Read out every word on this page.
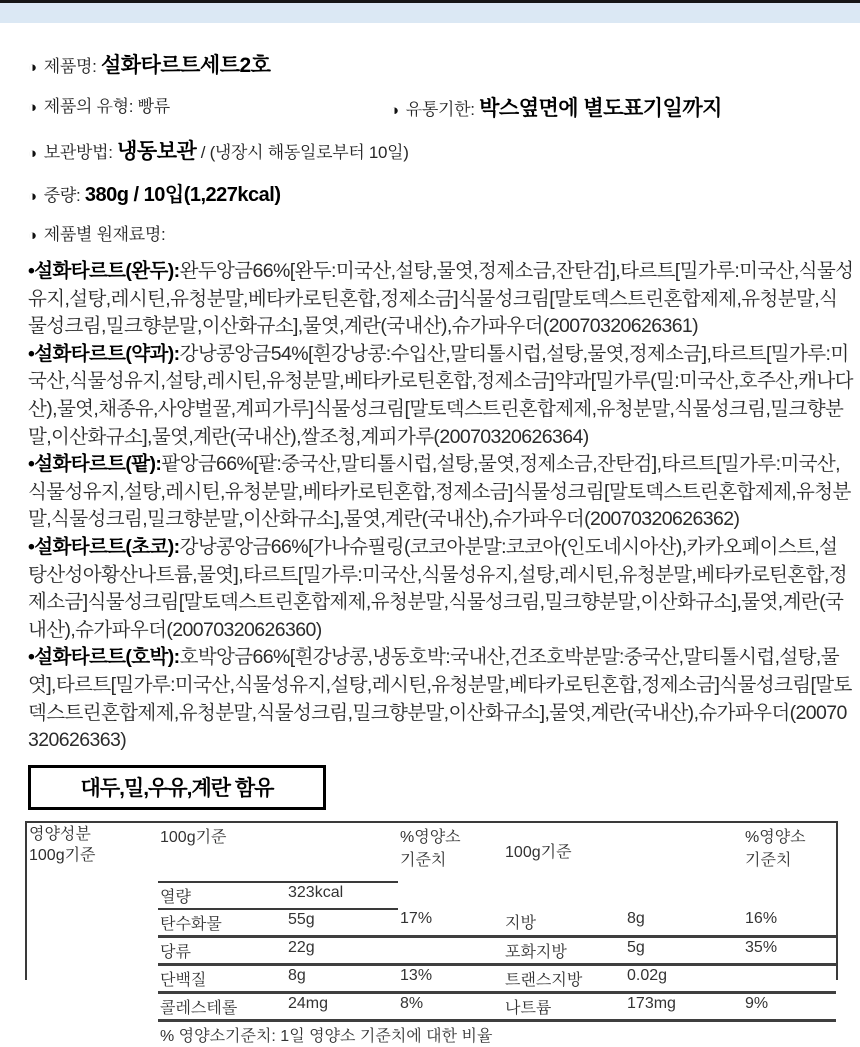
◑ 제품명: 설화타르트세트2호
◑ 제품의 유형: 빵류	◑ 유통기한: 박스옆면에 별도표기일까지
◑ 보관방법: 냉동보관 / (냉장시 해동일로부터 10일)
◑ 중량: 380g / 10입(1,227kcal)
◑ 제품별 원재료명:

•설화타르트(완두):완두앙금66%[완두:미국산,설탕,물엿,정제소금,잔탄검],타르트[밀가루:미국산,식물성유지,설탕,레시틴,유청분말,베타카로틴혼합,정제소금]식물성크림[말토덱스트린혼합제제,유청분말,식물성크림,밀크향분말,이산화규소],물엿,계란(국내산),슈가파우더(20070320626361)

•설화타르트(약과):강낭콩앙금54%[흰강낭콩:수입산,말티톨시럽,설탕,물엿,정제소금],타르트[밀가루:미국산,식물성유지,설탕,레시틴,유청분말,베타카로틴혼합,정제소금]약과[밀가루(밀:미국산,호주산,캐나다산),물엿,채종유,사양벌꿀,계피가루]식물성크림[말토덱스트린혼합제제,유청분말,식물성크림,밀크향분말,이산화규소],물엿,계란(국내산),쌀조청,계피가루(20070320626364)

•설화타르트(팥):팥앙금66%[팥:중국산,말티톨시럽,설탕,물엿,정제소금,잔탄검],타르트[밀가루:미국산,식물성유지,설탕,레시틴,유청분말,베타카로틴혼합,정제소금]식물성크림[말토덱스트린혼합제제,유청분말,식물성크림,밀크향분말,이산화규소],물엿,계란(국내산),슈가파우더(20070320626362)

•설화타르트(초코):강낭콩앙금66%[가나슈필링(코코아분말:코코아(인도네시아산),카카오페이스트,설탕산성아황산나트륨,물엿],타르트[밀가루:미국산,식물성유지,설탕,레시틴,유청분말,베타카로틴혼합,정제소금]식물성크림[말토덱스트린혼합제제,유청분말,식물성크림,밀크향분말,이산화규소],물엿,계란(국내산),슈가파우더(20070320626360)

•설화타르트(호박):호박앙금66%[흰강낭콩,냉동호박:국내산,건조호박분말:중국산,말티톨시럽,설탕,물엿],타르트[밀가루:미국산,식물성유지,설탕,레시틴,유청분말,베타카로틴혼합,정제소금]식물성크림[말토덱스트린혼합제제,유청분말,식물성크림,밀크향분말,이산화규소],물엿,계란(국내산),슈가파우더(20070320626363)

대두,밀,우유,계란 함유
영양성분
100g기준
	100g기준	%영양소
기준치	100g기준	
%영양소
기준치

	열량	323kcal				
	탄수화물	55g	17%	지방	8g	16%
	당류	22g		포화지방	5g	35%
	단백질	8g	13%	트랜스지방	0.02g	
	콜레스테롤	24mg	8%	나트륨	173mg	9%
	% 영양소기준치: 1일 영양소 기준치에 대한 비율					
